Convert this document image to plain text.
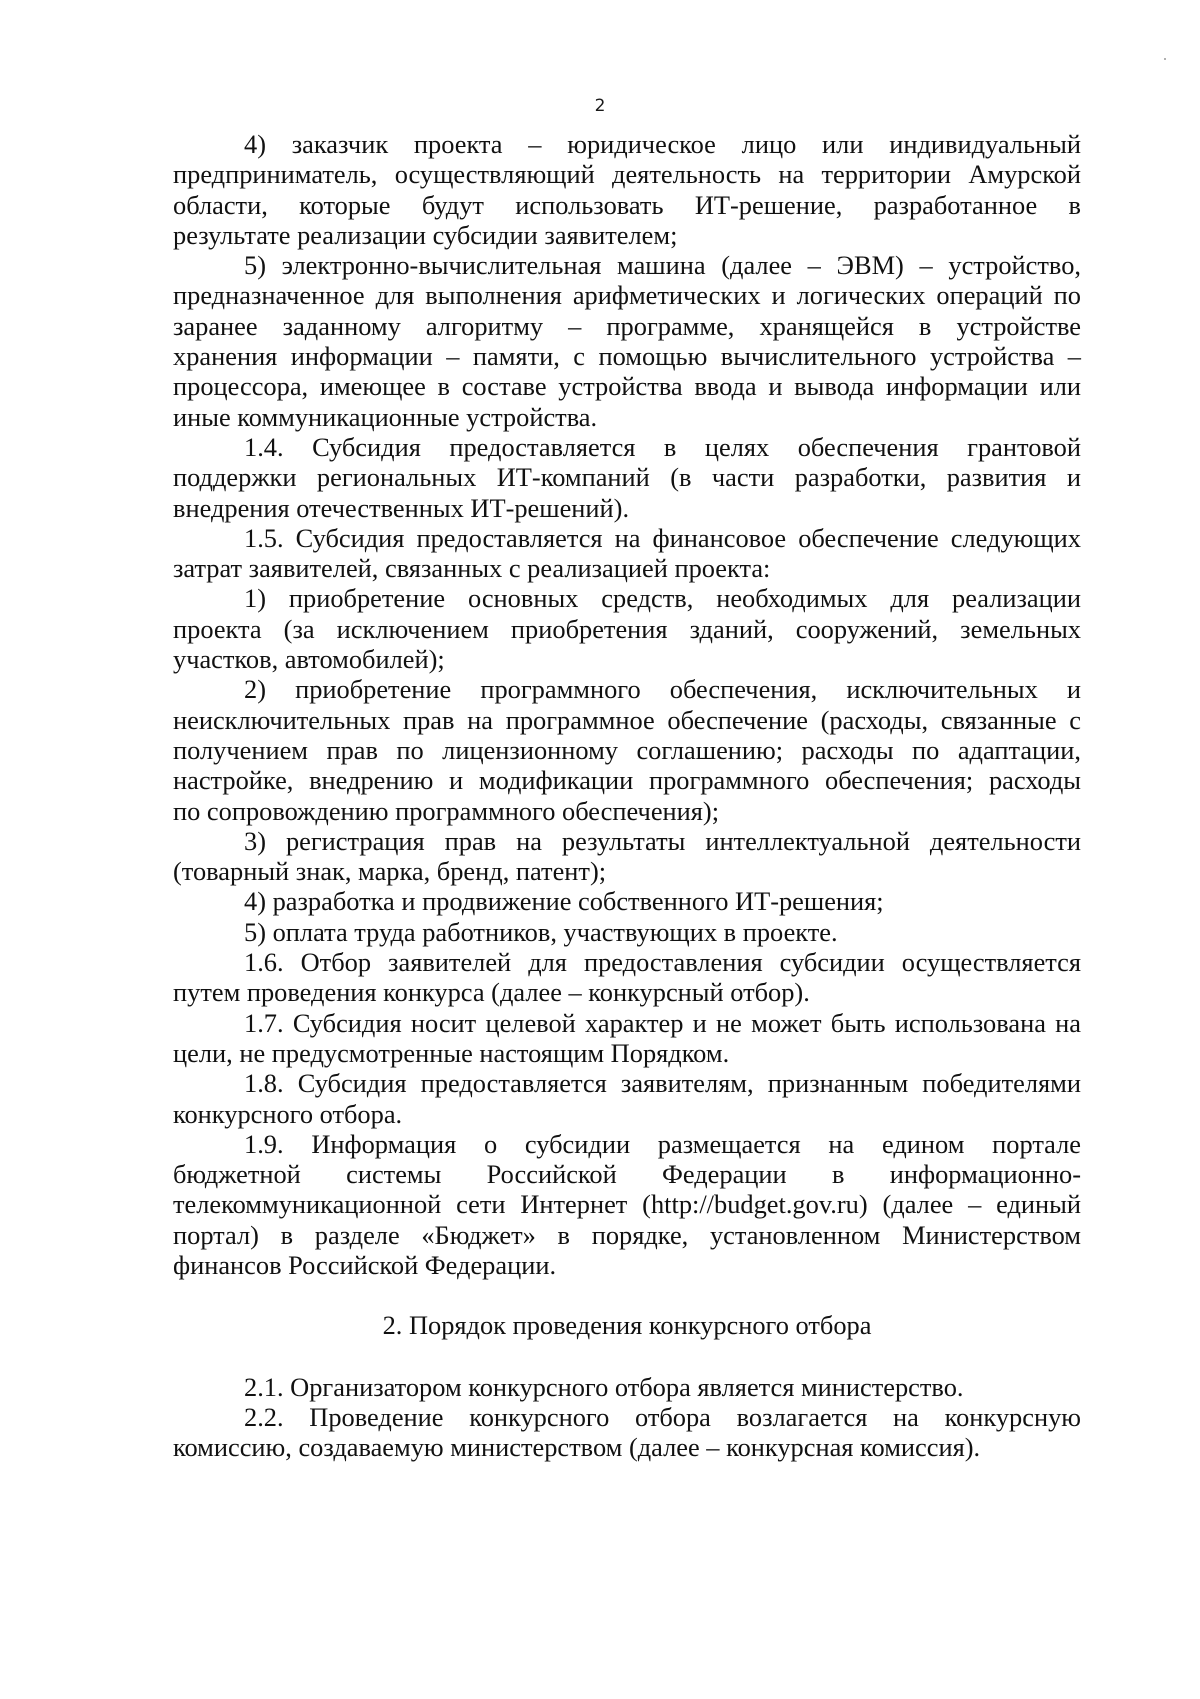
2

4) заказчик проекта – юридическое лицо или индивидуальный
предприниматель, осуществляющий деятельность на территории Амурской
области, которые будут использовать ИТ-решение, разработанное в
результате реализации субсидии заявителем;

5) электронно-вычислительная машина (далее – ЭВМ) – устройство,
предназначенное для выполнения арифметических и логических операций по
заранее заданному алгоритму – программе, хранящейся в устройстве
хранения информации – памяти, с помощью вычислительного устройства –
процессора, имеющее в составе устройства ввода и вывода информации или
иные коммуникационные устройства.

1.4. Субсидия предоставляется в целях обеспечения грантовой
поддержки региональных ИТ-компаний (в части разработки, развития и
внедрения отечественных ИТ-решений).

1.5. Субсидия предоставляется на финансовое обеспечение следующих
затрат заявителей, связанных с реализацией проекта:

1) приобретение основных средств, необходимых для реализации
проекта (за исключением приобретения зданий, сооружений, земельных
участков, автомобилей);

2) приобретение программного обеспечения, исключительных и
неисключительных прав на программное обеспечение (расходы, связанные с
получением прав по лицензионному соглашению; расходы по адаптации,
настройке, внедрению и модификации программного обеспечения; расходы
по сопровождению программного обеспечения);

3) регистрация прав на результаты интеллектуальной деятельности
(товарный знак, марка, бренд, патент);

4) разработка и продвижение собственного ИТ-решения;

5) оплата труда работников, участвующих в проекте.

1.6. Отбор заявителей для предоставления субсидии осуществляется
путем проведения конкурса (далее – конкурсный отбор).

1.7. Субсидия носит целевой характер и не может быть использована на
цели, не предусмотренные настоящим Порядком.

1.8. Субсидия предоставляется заявителям, признанным победителями
конкурсного отбора.

1.9. Информация о субсидии размещается на едином портале
бюджетной системы Российской Федерации в информационно-
телекоммуникационной сети Интернет (http://budget.gov.ru) (далее – единый
портал) в разделе «Бюджет» в порядке, установленном Министерством
финансов Российской Федерации.

2. Порядок проведения конкурсного отбора

2.1. Организатором конкурсного отбора является министерство.

2.2. Проведение конкурсного отбора возлагается на конкурсную
комиссию, создаваемую министерством (далее – конкурсная комиссия).
